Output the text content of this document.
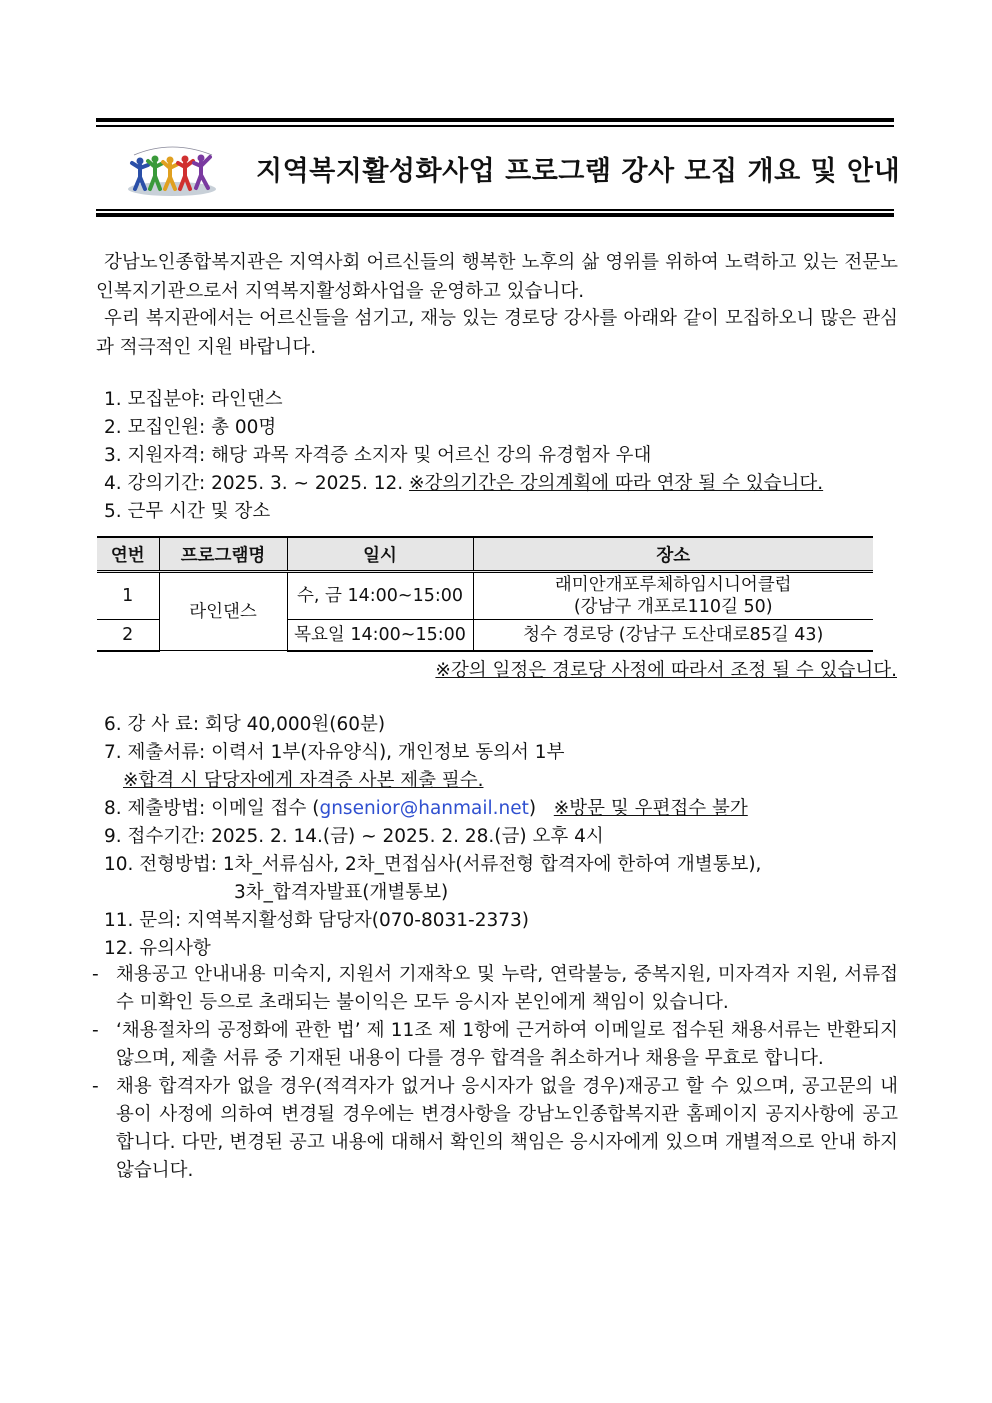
지역복지활성화사업 프로그램 강사 모집 개요 및 안내
강남노인종합복지관은 지역사회 어르신들의 행복한 노후의 삶 영위를 위하여 노력하고 있는 전문노인복지기관으로서 지역복지활성화사업을 운영하고 있습니다.
우리 복지관에서는 어르신들을 섬기고, 재능 있는 경로당 강사를 아래와 같이 모집하오니 많은 관심과 적극적인 지원 바랍니다.
1. 모집분야: 라인댄스
2. 모집인원: 총 00명
3. 지원자격: 해당 과목 자격증 소지자 및 어르신 강의 유경험자 우대
4. 강의기간: 2025. 3. ~ 2025. 12. ※강의기간은 강의계획에 따라 연장 될 수 있습니다.
5. 근무 시간 및 장소
연번	프로그램명	일시	장소
1	라인댄스	수, 금 14:00~15:00	래미안개포루체하임시니어클럽
(강남구 개포로110길 50)

2		목요일 14:00~15:00	청수 경로당 (강남구 도산대로85길 43)
※강의 일정은 경로당 사정에 따라서 조정 될 수 있습니다.
6. 강 사 료: 회당 40,000원(60분)
7. 제출서류: 이력서 1부(자유양식), 개인정보 동의서 1부
※합격 시 담당자에게 자격증 사본 제출 필수.
8. 제출방법: 이메일 접수 (gnsenior@hanmail.net) ※방문 및 우편접수 불가
9. 접수기간: 2025. 2. 14.(금) ~ 2025. 2. 28.(금) 오후 4시
10. 전형방법: 1차_서류심사, 2차_면접심사(서류전형 합격자에 한하여 개별통보),
3차_합격자발표(개별통보)
11. 문의: 지역복지활성화 담당자(070-8031-2373)
12. 유의사항
- 채용공고 안내내용 미숙지, 지원서 기재착오 및 누락, 연락불능, 중복지원, 미자격자 지원, 서류접수 미확인 등으로 초래되는 불이익은 모두 응시자 본인에게 책임이 있습니다.
- ‘채용절차의 공정화에 관한 법’ 제 11조 제 1항에 근거하여 이메일로 접수된 채용서류는 반환되지 않으며, 제출 서류 중 기재된 내용이 다를 경우 합격을 취소하거나 채용을 무효로 합니다.
- 채용 합격자가 없을 경우(적격자가 없거나 응시자가 없을 경우)재공고 할 수 있으며, 공고문의 내용이 사정에 의하여 변경될 경우에는 변경사항을 강남노인종합복지관 홈페이지 공지사항에 공고 합니다. 다만, 변경된 공고 내용에 대해서 확인의 책임은 응시자에게 있으며 개별적으로 안내 하지 않습니다.
